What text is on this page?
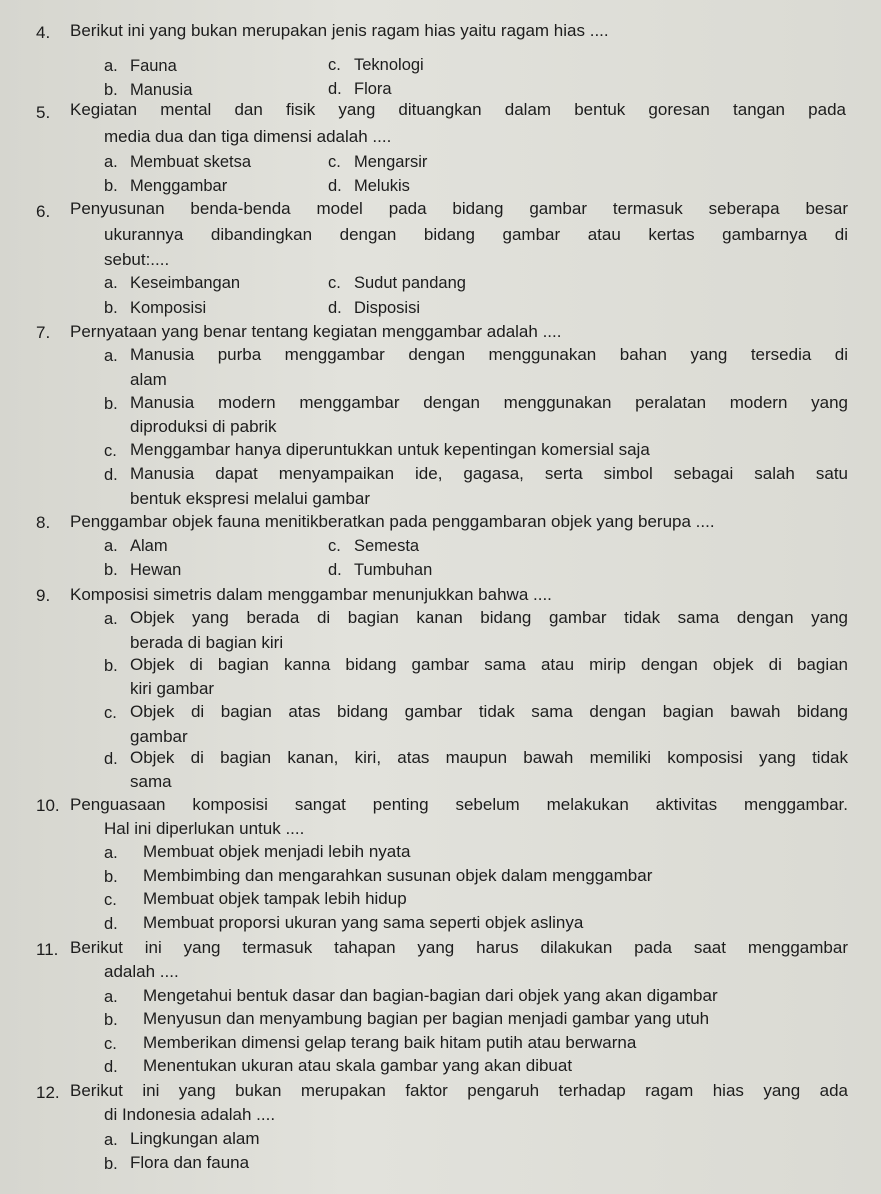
4. Berikut ini yang bukan merupakan jenis ragam hias yaitu ragam hias ....
a. Fauna	c. Teknologi
b. Manusia	d. Flora
5. Kegiatan mental dan fisik yang dituangkan dalam bentuk goresan tangan pada
media dua dan tiga dimensi adalah ....
a. Membuat sketsa	c. Mengarsir
b. Menggambar	d. Melukis
6. Penyusunan benda-benda model pada bidang gambar termasuk seberapa besar
ukurannya dibandingkan dengan bidang gambar atau kertas gambarnya di
sebut:....
a. Keseimbangan	c. Sudut pandang
b. Komposisi	d. Disposisi
7. Pernyataan yang benar tentang kegiatan menggambar adalah ....
a. Manusia purba menggambar dengan menggunakan bahan yang tersedia di
alam
b. Manusia modern menggambar dengan menggunakan peralatan modern yang
diproduksi di pabrik
c. Menggambar hanya diperuntukkan untuk kepentingan komersial saja
d. Manusia dapat menyampaikan ide, gagasa, serta simbol sebagai salah satu
bentuk ekspresi melalui gambar
8. Penggambar objek fauna menitikberatkan pada penggambaran objek yang berupa ....
a. Alam	c. Semesta
b. Hewan	d. Tumbuhan
9. Komposisi simetris dalam menggambar menunjukkan bahwa ....
a. Objek yang berada di bagian kanan bidang gambar tidak sama dengan yang
berada di bagian kiri
b. Objek di bagian kanna bidang gambar sama atau mirip dengan objek di bagian
kiri gambar
c. Objek di bagian atas bidang gambar tidak sama dengan bagian bawah bidang
gambar
d. Objek di bagian kanan, kiri, atas maupun bawah memiliki komposisi yang tidak
sama
10. Penguasaan komposisi sangat penting sebelum melakukan aktivitas menggambar.
Hal ini diperlukan untuk ....
a.	Membuat objek menjadi lebih nyata
b.	Membimbing dan mengarahkan susunan objek dalam menggambar
c.	Membuat objek tampak lebih hidup
d.	Membuat proporsi ukuran yang sama seperti objek aslinya
11. Berikut ini yang termasuk tahapan yang harus dilakukan pada saat menggambar
adalah ....
a.	Mengetahui bentuk dasar dan bagian-bagian dari objek yang akan digambar
b.	Menyusun dan menyambung bagian per bagian menjadi gambar yang utuh
c.	Memberikan dimensi gelap terang baik hitam putih atau berwarna
d.	Menentukan ukuran atau skala gambar yang akan dibuat
12. Berikut ini yang bukan merupakan faktor pengaruh terhadap ragam hias yang ada
di Indonesia adalah ....
a. Lingkungan alam
b. Flora dan fauna
